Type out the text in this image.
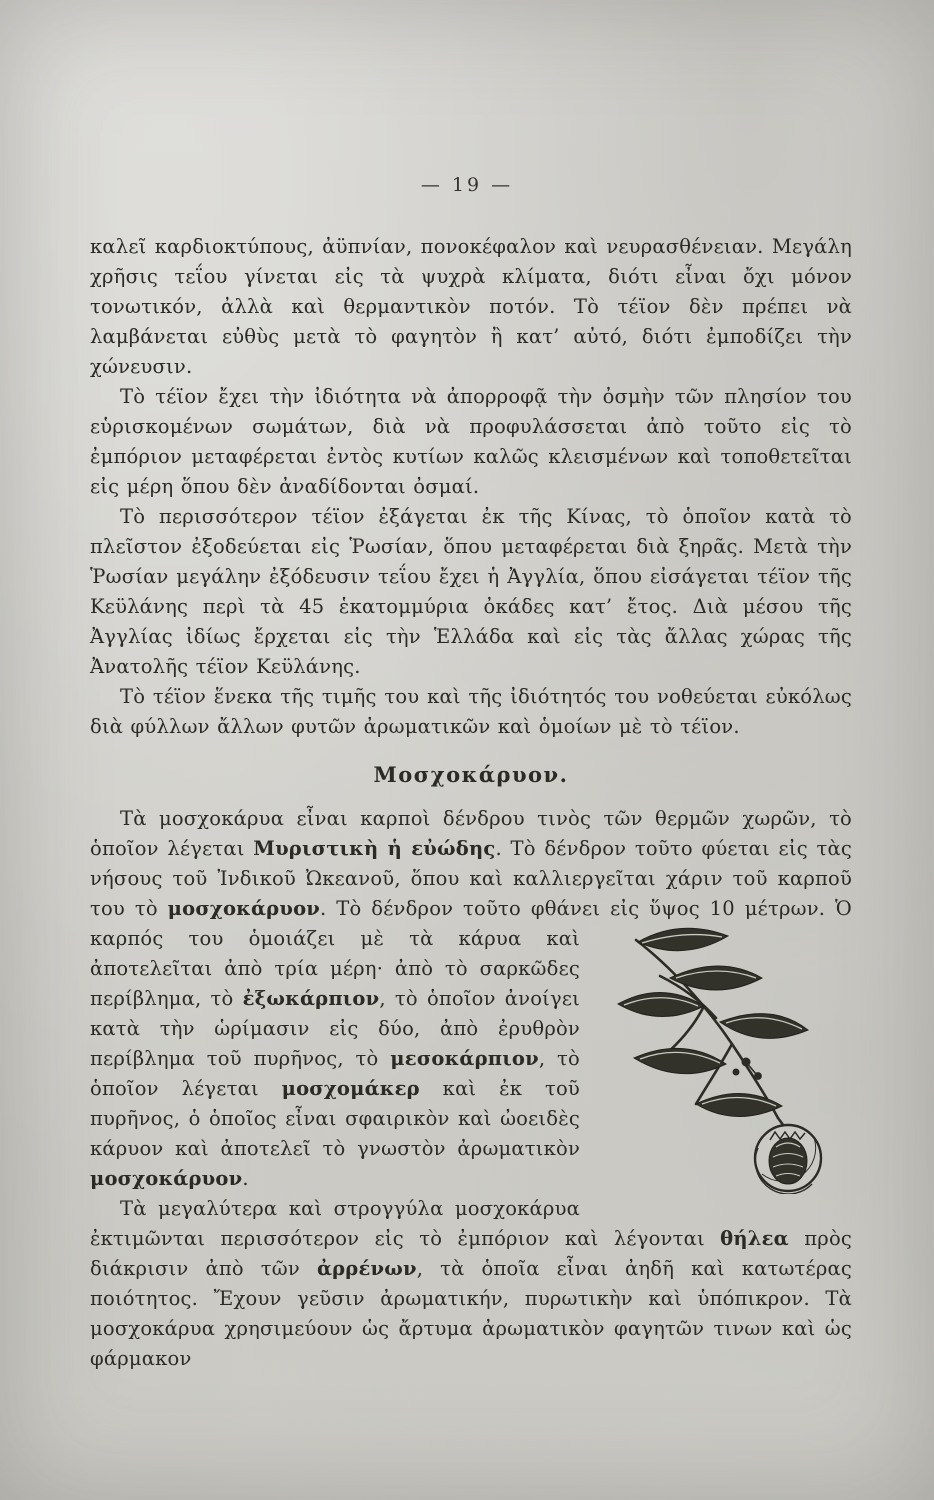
— 19 —

καλεῖ καρδιοκτύπους, ἀϋπνίαν, πονοκέφαλον καὶ νευρασθένειαν. Μεγάλη χρῆσις τεΐου γίνεται εἰς τὰ ψυχρὰ κλίματα, διότι εἶναι ὄχι μόνον τονωτικόν, ἀλλὰ καὶ θερμαντικὸν ποτόν. Τὸ τέϊον δὲν πρέπει νὰ λαμβάνεται εὐθὺς μετὰ τὸ φαγητὸν ἢ κατ’ αὐτό, διότι ἐμποδίζει τὴν χώνευσιν.

Τὸ τέϊον ἔχει τὴν ἰδιότητα νὰ ἀπορροφᾷ τὴν ὀσμὴν τῶν πλησίον του εὑρισκομένων σωμάτων, διὰ νὰ προφυλάσσεται ἀπὸ τοῦτο εἰς τὸ ἐμπόριον μεταφέρεται ἐντὸς κυτίων καλῶς κλεισμένων καὶ τοποθετεῖται εἰς μέρη ὅπου δὲν ἀναδίδονται ὀσμαί.

Τὸ περισσότερον τέϊον ἐξάγεται ἐκ τῆς Κίνας, τὸ ὁποῖον κατὰ τὸ πλεῖστον ἐξοδεύεται εἰς Ῥωσίαν, ὅπου μεταφέρεται διὰ ξηρᾶς. Μετὰ τὴν Ῥωσίαν μεγάλην ἐξόδευσιν τεΐου ἔχει ἡ Ἀγγλία, ὅπου εἰσάγεται τέϊον τῆς Κεϋλάνης περὶ τὰ 45 ἑκατομμύρια ὀκάδες κατ’ ἔτος. Διὰ μέσου τῆς Ἀγγλίας ἰδίως ἔρχεται εἰς τὴν Ἑλλάδα καὶ εἰς τὰς ἄλλας χώρας τῆς Ἀνατολῆς τέϊον Κεϋλάνης.

Τὸ τέϊον ἕνεκα τῆς τιμῆς του καὶ τῆς ἰδιότητός του νοθεύεται εὐκόλως διὰ φύλλων ἄλλων φυτῶν ἀρωματικῶν καὶ ὁμοίων μὲ τὸ τέϊον.

Μοσχοκάρυον.

Τὰ μοσχοκάρυα εἶναι καρποὶ δένδρου τινὸς τῶν θερμῶν χωρῶν, τὸ ὁποῖον λέγεται Μυριστικὴ ἡ εὐώδης. Τὸ δένδρον τοῦτο φύεται εἰς τὰς νήσους τοῦ Ἰνδικοῦ Ὠκεανοῦ, ὅπου καὶ καλλιεργεῖται χάριν τοῦ καρποῦ του τὸ μοσχοκάρυον. Τὸ δένδρον τοῦτο φθάνει εἰς ὕψος 10
μέτρων. Ὁ καρπός του ὁμοιάζει μὲ τὰ κάρυα καὶ ἀποτελεῖται ἀπὸ τρία μέρη· ἀπὸ τὸ σαρκῶδες περίβλημα, τὸ ἐξωκάρπιον, τὸ ὁποῖον ἀνοίγει κατὰ τὴν ὡρίμασιν εἰς δύο, ἀπὸ ἐρυθρὸν περίβλημα τοῦ πυρῆνος, τὸ μεσοκάρπιον, τὸ ὁποῖον λέγεται μοσχομάκερ καὶ ἐκ τοῦ πυρῆνος, ὁ ὁποῖος εἶναι σφαιρικὸν καὶ ὠοειδὲς κάρυον καὶ ἀποτελεῖ τὸ γνωστὸν ἀρωματικὸν μοσχοκάρυον.

Τὰ μεγαλύτερα καὶ στρογγύλα μοσχοκάρυα ἐκτιμῶνται περισσότερον εἰς τὸ ἐμπόριον καὶ λέγονται θήλεα πρὸς διάκρισιν ἀπὸ τῶν ἀρρένων, τὰ ὁποῖα εἶναι ἀηδῆ καὶ κατωτέρας ποιότητος. Ἔχουν γεῦσιν ἀρωματικήν, πυρωτικὴν καὶ ὑπόπικρον. Τὰ μοσχοκάρυα χρησιμεύουν ὡς ἄρτυμα ἀρωματικὸν φαγητῶν τινων καὶ ὡς φάρμακον
